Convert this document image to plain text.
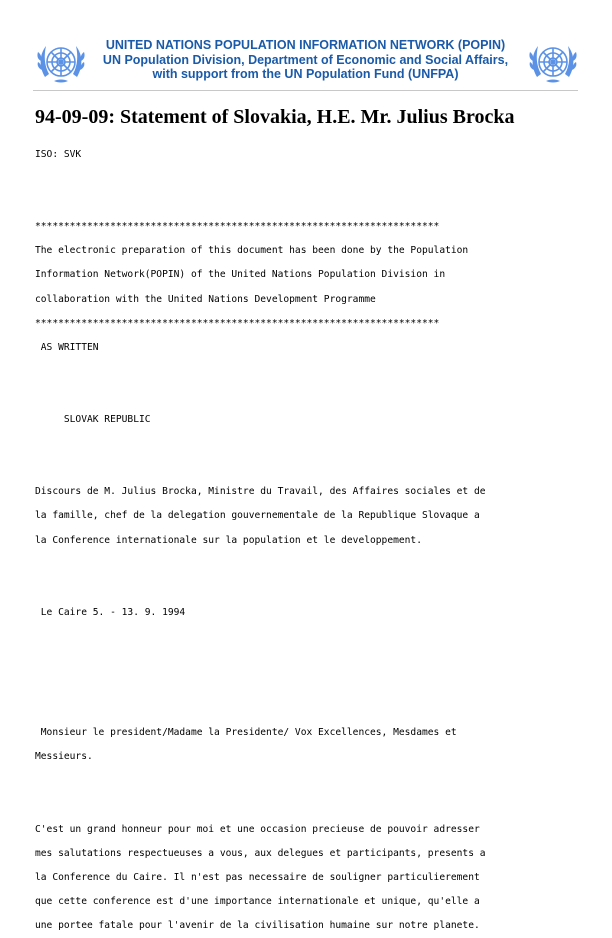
UNITED NATIONS POPULATION INFORMATION NETWORK (POPIN)
UN Population Division, Department of Economic and Social Affairs,
with support from the UN Population Fund (UNFPA)
94-09-09: Statement of Slovakia, H.E. Mr. Julius Brocka
ISO: SVK
**********************************************************************
The electronic preparation of this document has been done by the Population
Information Network(POPIN) of the United Nations Population Division in
collaboration with the United Nations Development Programme
**********************************************************************
AS WRITTEN
SLOVAK REPUBLIC
Discours de M. Julius Brocka, Ministre du Travail, des Affaires sociales et de
la famille, chef de la delegation gouvernementale de la Republique Slovaque a
la Conference internationale sur la population et le developpement.
Le Caire 5. - 13. 9. 1994
Monsieur le president/Madame la Presidente/ Vox Excellences, Mesdames et
Messieurs.
C'est un grand honneur pour moi et une occasion precieuse de pouvoir adresser
mes salutations respectueuses a vous, aux delegues et participants, presents a
la Conference du Caire. Il n'est pas necessaire de souligner particulierement
que cette conference est d'une importance internationale et unique, qu'elle a
une portee fatale pour l'avenir de la civilisation humaine sur notre planete.
